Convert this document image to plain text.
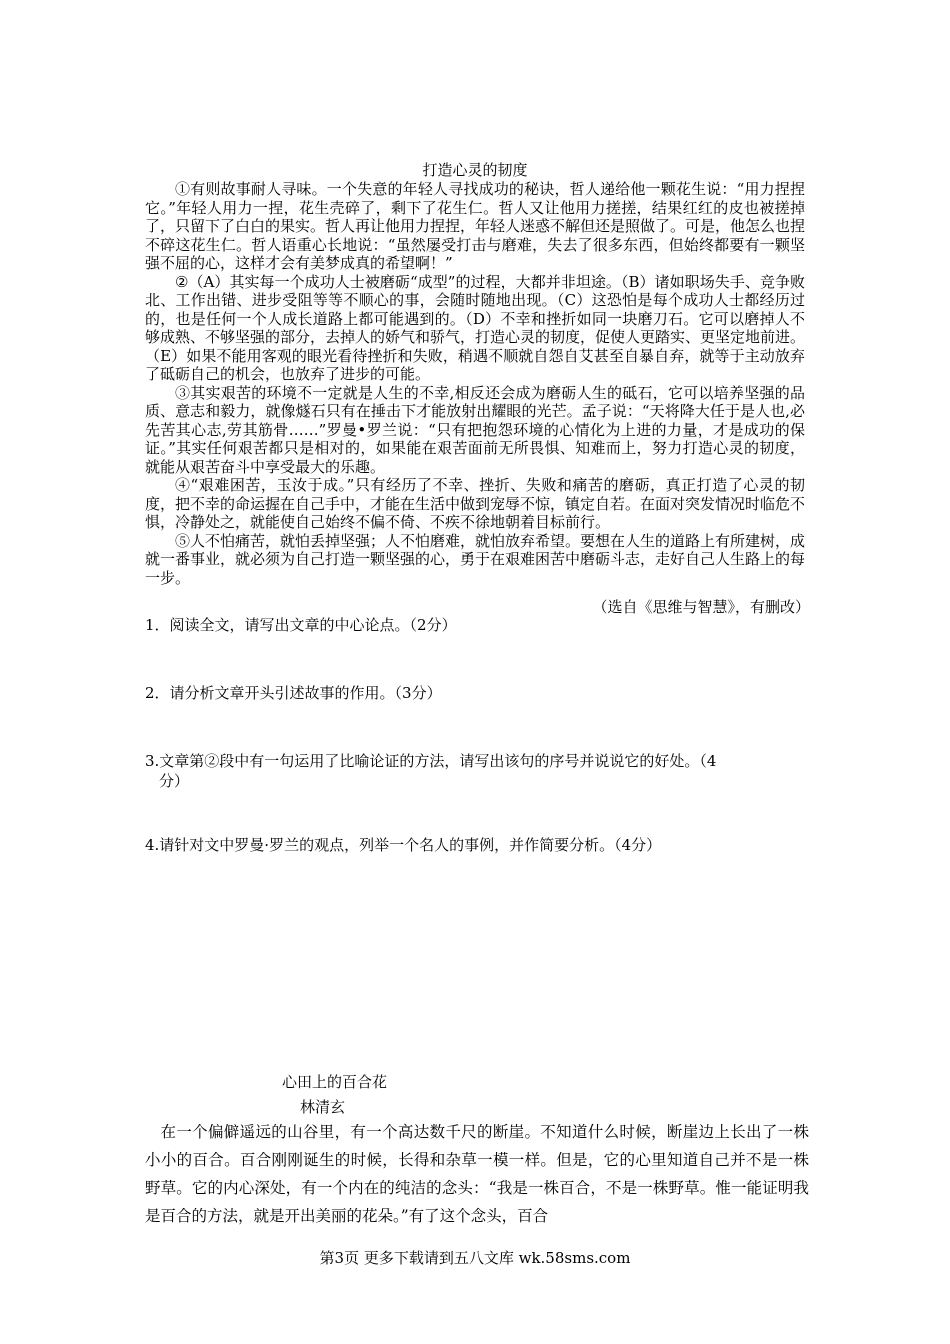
打造心灵的韧度

①有则故事耐人寻味。一个失意的年轻人寻找成功的秘诀，哲人递给他一颗花生说：“用力捏捏它。”年轻人用力一捏，花生壳碎了，剩下了花生仁。哲人又让他用力搓搓，结果红红的皮也被搓掉了，只留下了白白的果实。哲人再让他用力捏捏，年轻人迷惑不解但还是照做了。可是，他怎么也捏不碎这花生仁。哲人语重心长地说：“虽然屡受打击与磨难，失去了很多东西，但始终都要有一颗坚强不屈的心，这样才会有美梦成真的希望啊！”

②（A）其实每一个成功人士被磨砺“成型”的过程，大都并非坦途。（B）诸如职场失手、竞争败北、工作出错、进步受阻等等不顺心的事，会随时随地出现。（C）这恐怕是每个成功人士都经历过的，也是任何一个人成长道路上都可能遇到的。（D）不幸和挫折如同一块磨刀石。它可以磨掉人不够成熟、不够坚强的部分，去掉人的娇气和骄气，打造心灵的韧度，促使人更踏实、更坚定地前进。（E）如果不能用客观的眼光看待挫折和失败，稍遇不顺就自怨自艾甚至自暴自弃，就等于主动放弃了砥砺自己的机会，也放弃了进步的可能。

③其实艰苦的环境不一定就是人生的不幸,相反还会成为磨砺人生的砥石，它可以培养坚强的品质、意志和毅力，就像燧石只有在捶击下才能放射出耀眼的光芒。孟子说：“天将降大任于是人也,必先苦其心志,劳其筋骨……”罗曼•罗兰说：“只有把抱怨环境的心情化为上进的力量，才是成功的保证。”其实任何艰苦都只是相对的，如果能在艰苦面前无所畏惧、知难而上，努力打造心灵的韧度，就能从艰苦奋斗中享受最大的乐趣。

④“艰难困苦，玉汝于成。”只有经历了不幸、挫折、失败和痛苦的磨砺，真正打造了心灵的韧度，把不幸的命运握在自己手中，才能在生活中做到宠辱不惊，镇定自若。在面对突发情况时临危不惧，冷静处之，就能使自己始终不偏不倚、不疾不徐地朝着目标前行。

⑤人不怕痛苦，就怕丢掉坚强；人不怕磨难，就怕放弃希望。要想在人生的道路上有所建树，成就一番事业，就必须为自己打造一颗坚强的心，勇于在艰难困苦中磨砺斗志，走好自己人生路上的每一步。

（选自《思维与智慧》，有删改）
1．阅读全文，请写出文章的中心论点。（2分）
2．请分析文章开头引述故事的作用。（3分）
3.文章第②段中有一句运用了比喻论证的方法，请写出该句的序号并说说它的好处。（4
分）
4.请针对文中罗曼·罗兰的观点，列举一个名人的事例，并作简要分析。（4分）
心田上的百合花
林清玄

在一个偏僻遥远的山谷里，有一个高达数千尺的断崖。不知道什么时候，断崖边上长出了一株小小的百合。百合刚刚诞生的时候，长得和杂草一模一样。但是，它的心里知道自己并不是一株野草。它的内心深处，有一个内在的纯洁的念头：“我是一株百合，不是一株野草。惟一能证明我是百合的方法，就是开出美丽的花朵。”有了这个念头，百合

第3页 更多下载请到五八文库 wk.58sms.com
